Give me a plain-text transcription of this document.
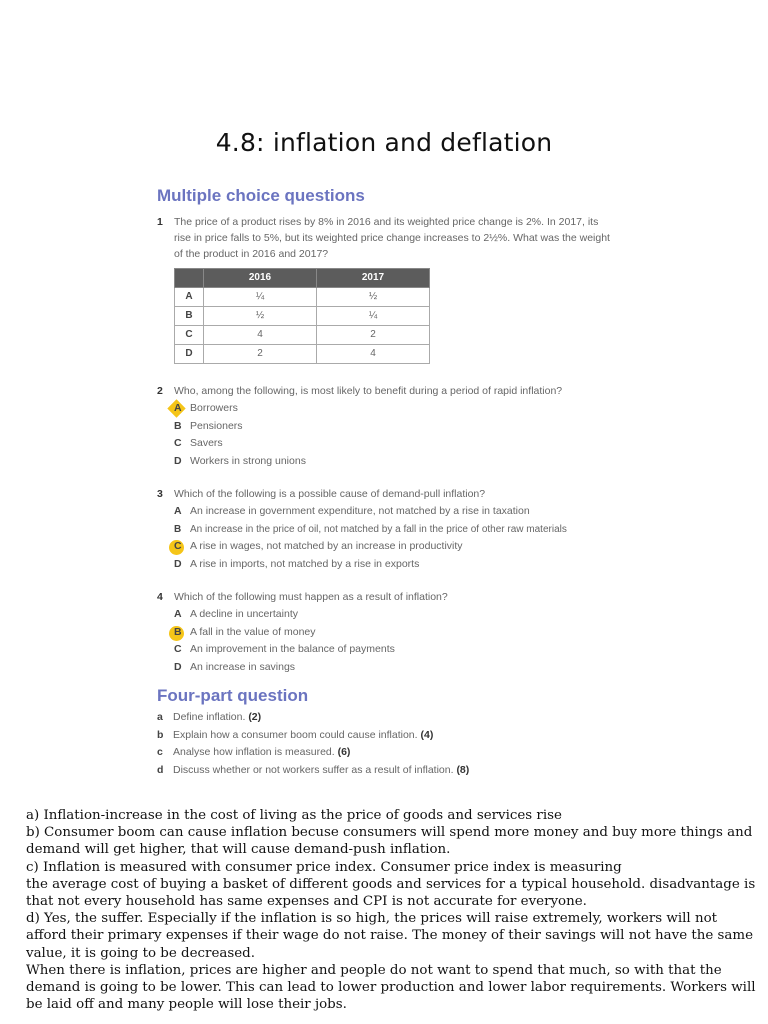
4.8: inflation and deflation
Multiple choice questions
1 The price of a product rises by 8% in 2016 and its weighted price change is 2%. In 2017, its rise in price falls to 5%, but its weighted price change increases to 2½%. What was the weight of the product in 2016 and 2017?
	2016	2017
A	¼	½
B	½	¼
C	4	2
D	2	4
2 Who, among the following, is most likely to benefit during a period of rapid inflation?
A Borrowers
B Pensioners
C Savers
D Workers in strong unions
3 Which of the following is a possible cause of demand-pull inflation?
A An increase in government expenditure, not matched by a rise in taxation
B An increase in the price of oil, not matched by a fall in the price of other raw materials
C A rise in wages, not matched by an increase in productivity
D A rise in imports, not matched by a rise in exports
4 Which of the following must happen as a result of inflation?
A A decline in uncertainty
B A fall in the value of money
C An improvement in the balance of payments
D An increase in savings
Four-part question
a Define inflation. (2)
b Explain how a consumer boom could cause inflation. (4)
c Analyse how inflation is measured. (6)
d Discuss whether or not workers suffer as a result of inflation. (8)

a) Inflation-increase in the cost of living as the price of goods and services rise

b) Consumer boom can cause inflation becuse consumers will spend more money and buy more things and demand will get higher, that will cause demand-push inflation.

c) Inflation is measured with consumer price index. Consumer price index is measuring

the average cost of buying a basket of different goods and services for a typical household. disadvantage is that not every household has same expenses and CPI is not accurate for everyone.

d) Yes, the suffer. Especially if the inflation is so high, the prices will raise extremely, workers will not afford their primary expenses if their wage do not raise. The money of their savings will not have the same value, it is going to be decreased.

When there is inflation, prices are higher and people do not want to spend that much, so with that the demand is going to be lower. This can lead to lower production and lower labor requirements. Workers will be laid off and many people will lose their jobs.
